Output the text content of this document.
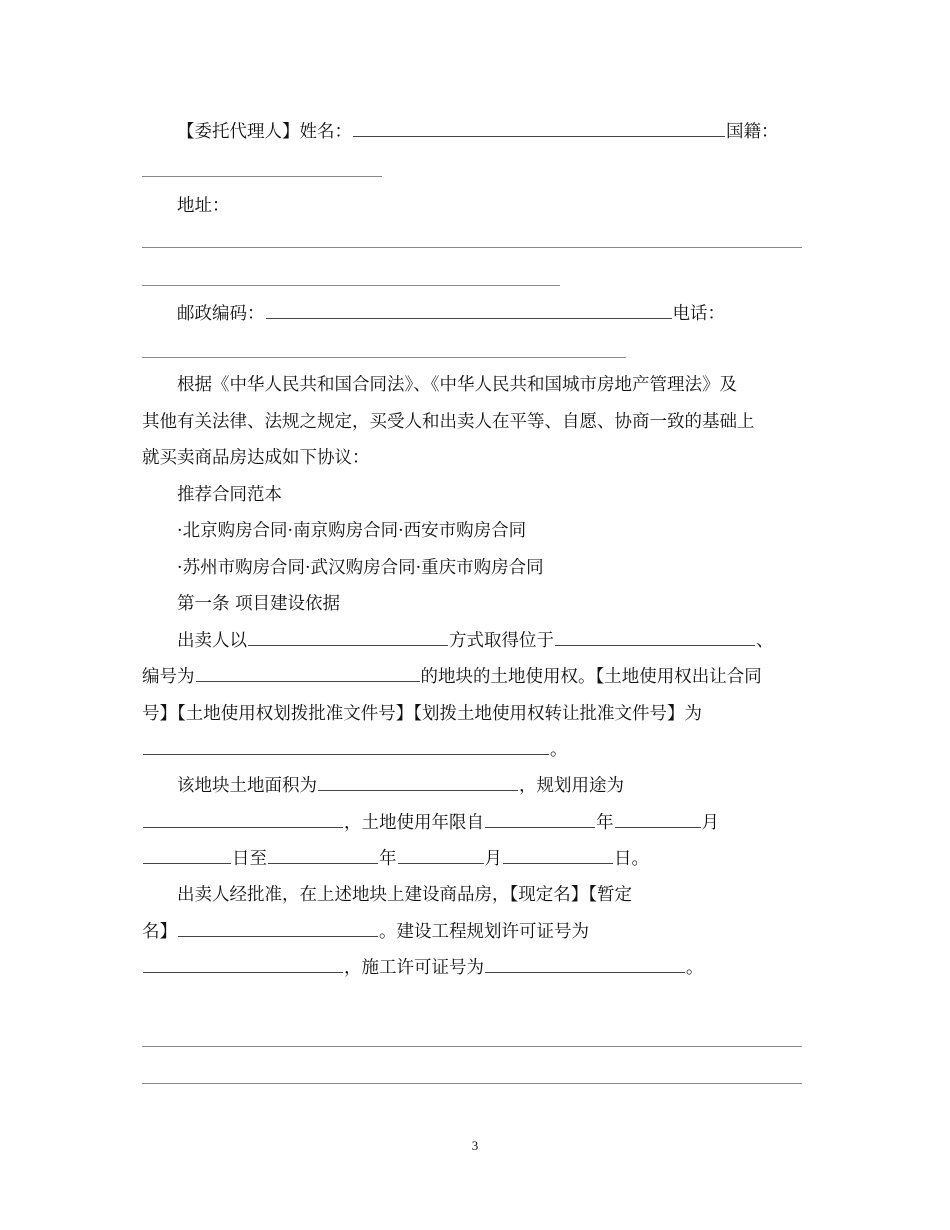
【委托代理人】姓名：	国籍：
地址：
邮政编码：	电话：
根据《中华人民共和国合同法》、《中华人民共和国城市房地产管理法》及
其他有关法律、法规之规定，买受人和出卖人在平等、自愿、协商一致的基础上
就买卖商品房达成如下协议：
推荐合同范本
·北京购房合同·南京购房合同·西安市购房合同
·苏州市购房合同·武汉购房合同·重庆市购房合同
第一条 项目建设依据
出卖人以	方式取得位于	、
编号为	的地块的土地使用权。【土地使用权出让合同
号】【土地使用权划拨批准文件号】【划拨土地使用权转让批准文件号】为
。
该地块土地面积为	，规划用途为
，土地使用年限自	年	月
日至	年	月	日。
出卖人经批准，在上述地块上建设商品房，【现定名】【暂定
名】	。建设工程规划许可证号为
，施工许可证号为	。
3
